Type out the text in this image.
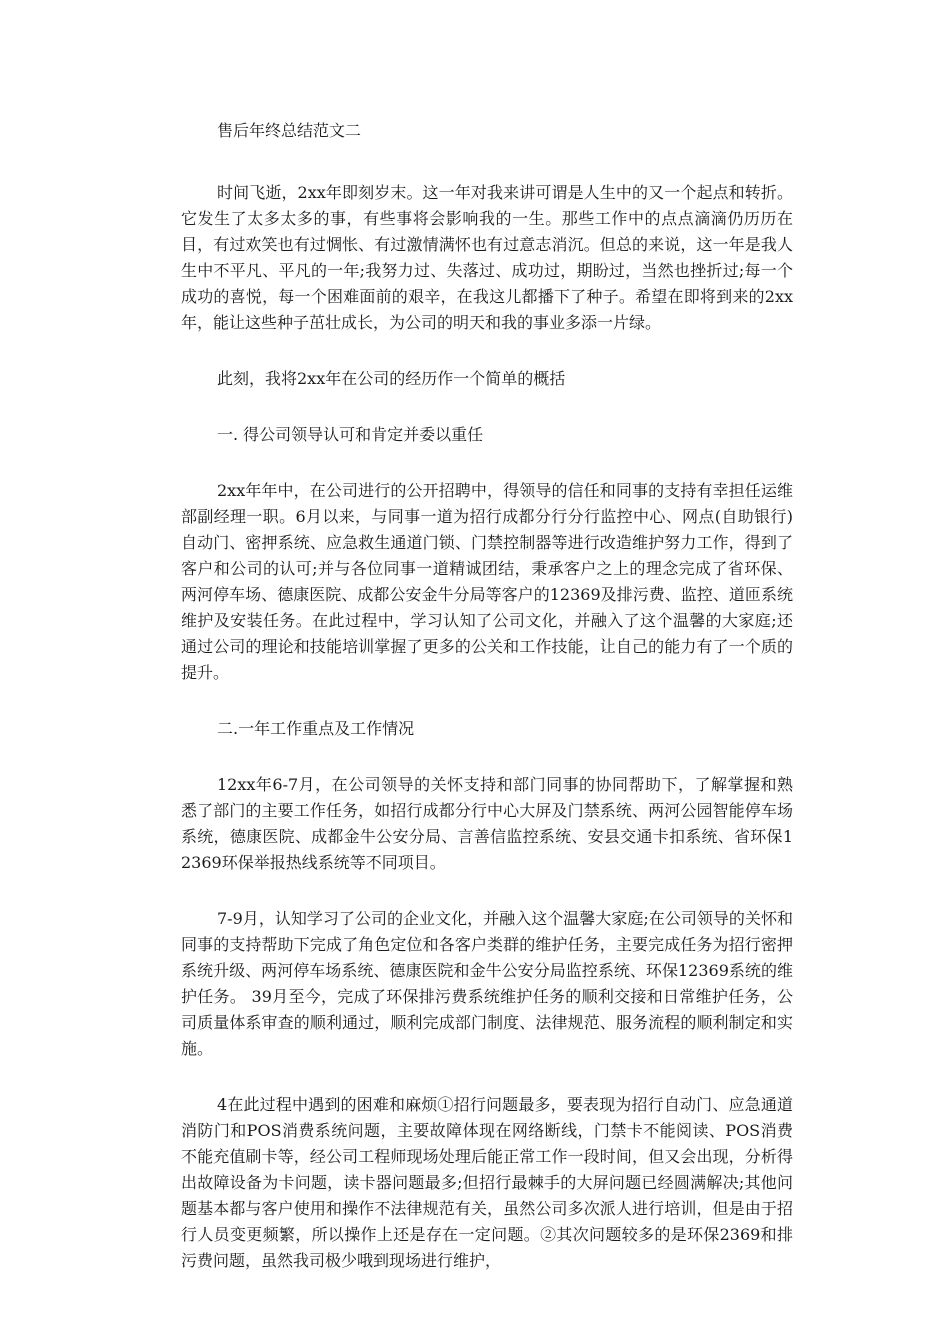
售后年终总结范文二

时间飞逝，2xx年即刻岁末。这一年对我来讲可谓是人生中的又一个起点和转折。它发生了太多太多的事，有些事将会影响我的一生。那些工作中的点点滴滴仍历历在目，有过欢笑也有过惆怅、有过激情满怀也有过意志消沉。但总的来说，这一年是我人生中不平凡、平凡的一年;我努力过、失落过、成功过，期盼过，当然也挫折过;每一个成功的喜悦，每一个困难面前的艰辛，在我这儿都播下了种子。希望在即将到来的2xx年，能让这些种子茁壮成长，为公司的明天和我的事业多添一片绿。

此刻，我将2xx年在公司的经历作一个简单的概括

一. 得公司领导认可和肯定并委以重任

2xx年年中，在公司进行的公开招聘中，得领导的信任和同事的支持有幸担任运维部副经理一职。6月以来，与同事一道为招行成都分行分行监控中心、网点(自助银行)自动门、密押系统、应急救生通道门锁、门禁控制器等进行改造维护努力工作，得到了客户和公司的认可;并与各位同事一道精诚团结，秉承客户之上的理念完成了省环保、两河停车场、德康医院、成都公安金牛分局等客户的12369及排污费、监控、道匝系统维护及安装任务。在此过程中，学习认知了公司文化，并融入了这个温馨的大家庭;还通过公司的理论和技能培训掌握了更多的公关和工作技能，让自己的能力有了一个质的提升。

二.一年工作重点及工作情况

12xx年6-7月，在公司领导的关怀支持和部门同事的协同帮助下，了解掌握和熟悉了部门的主要工作任务，如招行成都分行中心大屏及门禁系统、两河公园智能停车场系统，德康医院、成都金牛公安分局、言善信监控系统、安县交通卡扣系统、省环保12369环保举报热线系统等不同项目。

7-9月，认知学习了公司的企业文化，并融入这个温馨大家庭;在公司领导的关怀和同事的支持帮助下完成了角色定位和各客户类群的维护任务，主要完成任务为招行密押系统升级、两河停车场系统、德康医院和金牛公安分局监控系统、环保12369系统的维护任务。 39月至今，完成了环保排污费系统维护任务的顺利交接和日常维护任务，公司质量体系审查的顺利通过，顺利完成部门制度、法律规范、服务流程的顺利制定和实施。

4在此过程中遇到的困难和麻烦①招行问题最多，要表现为招行自动门、应急通道消防门和POS消费系统问题，主要故障体现在网络断线，门禁卡不能阅读、POS消费不能充值刷卡等，经公司工程师现场处理后能正常工作一段时间，但又会出现，分析得出故障设备为卡问题，读卡器问题最多;但招行最棘手的大屏问题已经圆满解决;其他问题基本都与客户使用和操作不法律规范有关，虽然公司多次派人进行培训，但是由于招行人员变更频繁，所以操作上还是存在一定问题。②其次问题较多的是环保2369和排污费问题，虽然我司极少哦到现场进行维护，
